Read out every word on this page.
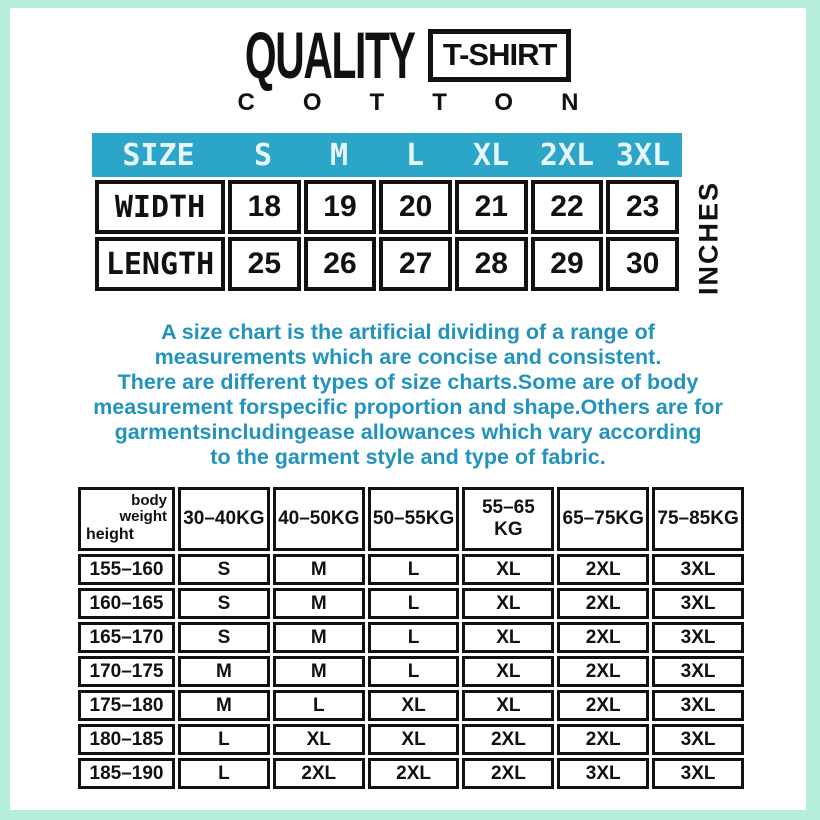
QUALITY T-SHIRT
COTTON
SIZE	S	M	L	XL	2XL 3XL
WIDTH	18	19	20	21	22	23
LENGTH	25	26	27	28	29	30 INCHES
A size chart is the artificial dividing of a range of
measurements which are concise and consistent.
There are different types of size charts.Some are of body
measurement forspecific proportion and shape.Others are for
garmentsincludingease allowances which vary according
to the garment style and type of fabric.
body
weight
height	30–40KG	40–50KG	50–55KG	55–65 KG	65–75KG	75–85KG
155–160	S	M	L	XL	2XL	3XL
160–165	S	M	L	XL	2XL	3XL
165–170	S	M	L	XL	2XL	3XL
170–175	M	M	L	XL	2XL	3XL
175–180	M	L	XL	XL	2XL	3XL
180–185	L	XL	XL	2XL	2XL	3XL
185–190	L	2XL	2XL	2XL	3XL	3XL
